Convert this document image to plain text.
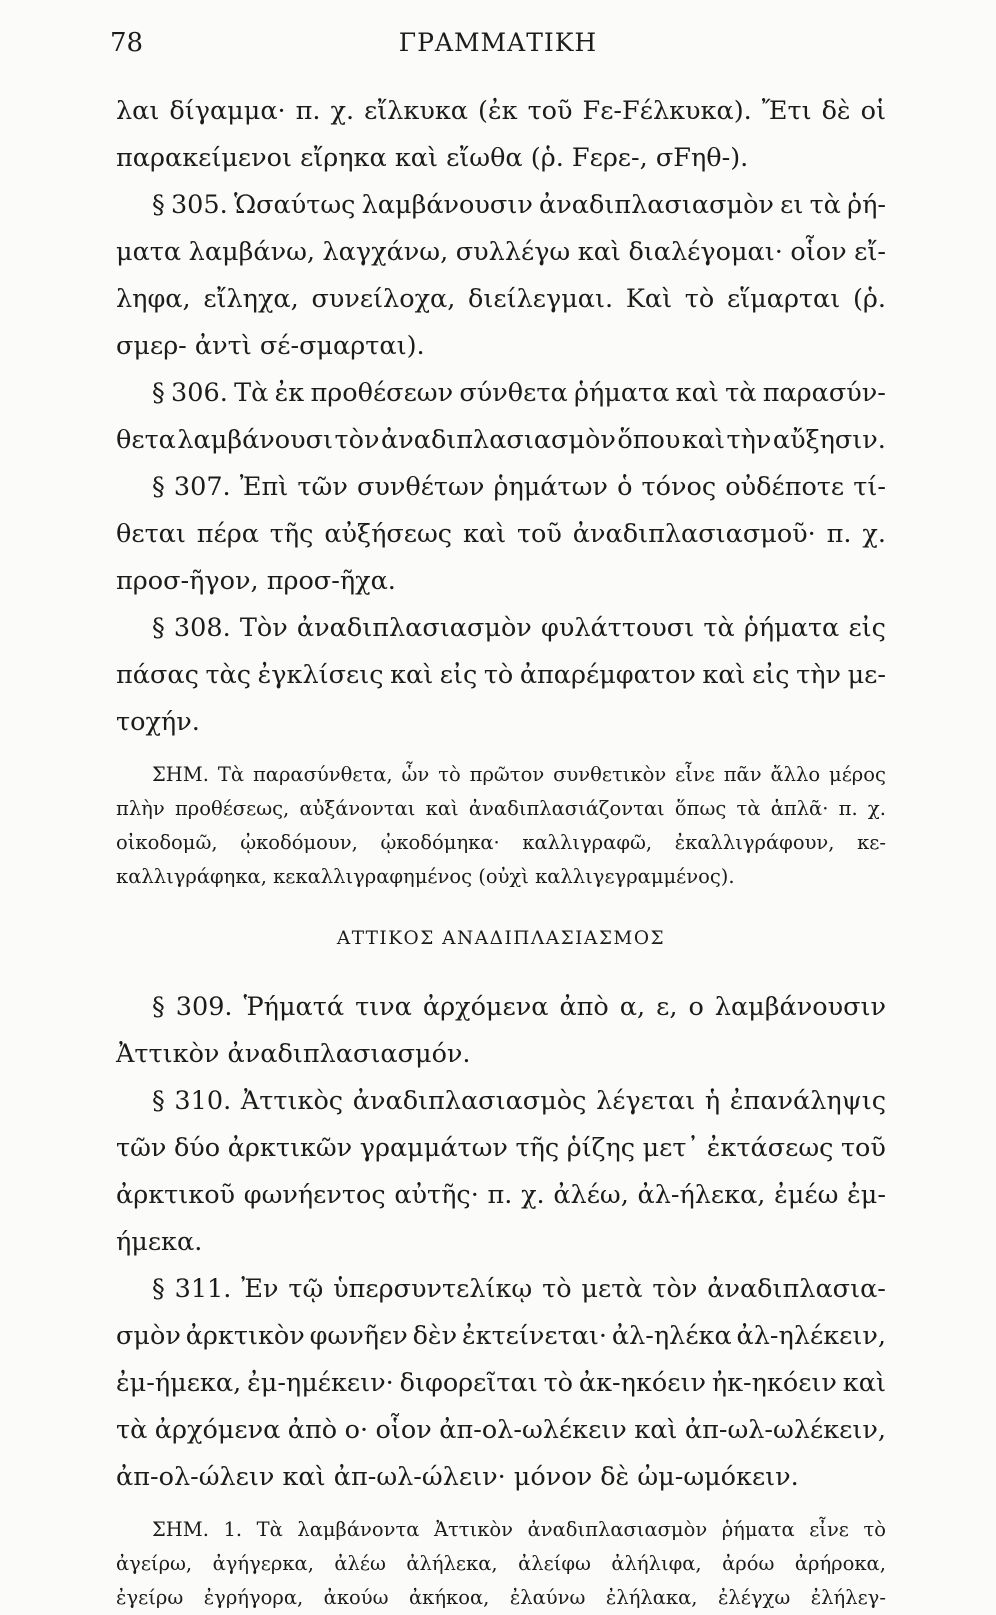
78	ΓΡΑΜΜΑΤΙΚΗ
λαι δίγαμμα· π. χ. εἴλκυκα (ἐκ τοῦ Fε-Fέλκυκα). Ἔτι δὲ οἱ
παρακείμενοι εἴρηκα καὶ εἴωθα (ῥ. Fερε-, σFηθ-).
§ 305. Ὡσαύτως λαμβάνουσιν ἀναδιπλασιασμὸν ει τὰ ῥή-
ματα λαμβάνω, λαγχάνω, συλλέγω καὶ διαλέγομαι· οἷον εἴ-
ληφα, εἴληχα, συνείλοχα, διείλεγμαι. Καὶ τὸ εἵμαρται (ῥ.
σμερ- ἀντὶ σέ-σμαρται).
§ 306. Τὰ ἐκ προθέσεων σύνθετα ῥήματα καὶ τὰ παρασύν-
θετα λαμβάνουσι τὸν ἀναδιπλασιασμὸν ὅπου καὶ τὴν αὔξησιν.
§ 307. Ἐπὶ τῶν συνθέτων ῥημάτων ὁ τόνος οὐδέποτε τί-
θεται πέρα τῆς αὐξήσεως καὶ τοῦ ἀναδιπλασιασμοῦ· π. χ.
προσ-ῆγον, προσ-ῆχα.
§ 308. Τὸν ἀναδιπλασιασμὸν φυλάττουσι τὰ ῥήματα εἰς
πάσας τὰς ἐγκλίσεις καὶ εἰς τὸ ἀπαρέμφατον καὶ εἰς τὴν με-
τοχήν.
ΣΗΜ. Τὰ παρασύνθετα, ὧν τὸ πρῶτον συνθετικὸν εἶνε πᾶν ἄλλο μέρος
πλὴν προθέσεως, αὐξάνονται καὶ ἀναδιπλασιάζονται ὅπως τὰ ἁπλᾶ· π. χ.
οἰκοδομῶ, ᾠκοδόμουν, ᾠκοδόμηκα· καλλιγραφῶ, ἐκαλλιγράφουν, κε-
καλλιγράφηκα, κεκαλλιγραφημένος (οὐχὶ καλλιγεγραμμένος).
ΑΤΤΙΚΟΣ ΑΝΑΔΙΠΛΑΣΙΑΣΜΟΣ
§ 309. Ῥήματά τινα ἀρχόμενα ἀπὸ α, ε, ο λαμβάνουσιν
Ἀττικὸν ἀναδιπλασιασμόν.
§ 310. Ἀττικὸς ἀναδιπλασιασμὸς λέγεται ἡ ἐπανάληψις
τῶν δύο ἀρκτικῶν γραμμάτων τῆς ῥίζης μετ᾽ ἐκτάσεως τοῦ
ἀρκτικοῦ φωνήεντος αὐτῆς· π. χ. ἀλέω, ἀλ-ήλεκα, ἐμέω ἐμ-
ήμεκα.
§ 311. Ἐν τῷ ὑπερσυντελίκῳ τὸ μετὰ τὸν ἀναδιπλασια-
σμὸν ἀρκτικὸν φωνῆεν δὲν ἐκτείνεται· ἀλ-ηλέκα ἀλ-ηλέκειν,
ἐμ-ήμεκα, ἐμ-ημέκειν· διφορεῖται τὸ ἀκ-ηκόειν ἠκ-ηκόειν καὶ
τὰ ἀρχόμενα ἀπὸ ο· οἷον ἀπ-ολ-ωλέκειν καὶ ἀπ-ωλ-ωλέκειν,
ἀπ-ολ-ώλειν καὶ ἀπ-ωλ-ώλειν· μόνον δὲ ὠμ-ωμόκειν.
ΣΗΜ. 1. Τὰ λαμβάνοντα Ἀττικὸν ἀναδιπλασιασμὸν ῥήματα εἶνε τὸ
ἀγείρω, ἀγήγερκα, ἀλέω ἀλήλεκα, ἀλείφω ἀλήλιφα, ἀρόω ἀρήροκα,
ἐγείρω ἐγρήγορα, ἀκούω ἀκήκοα, ἐλαύνω ἐλήλακα, ἐλέγχω ἐλήλεγ-
